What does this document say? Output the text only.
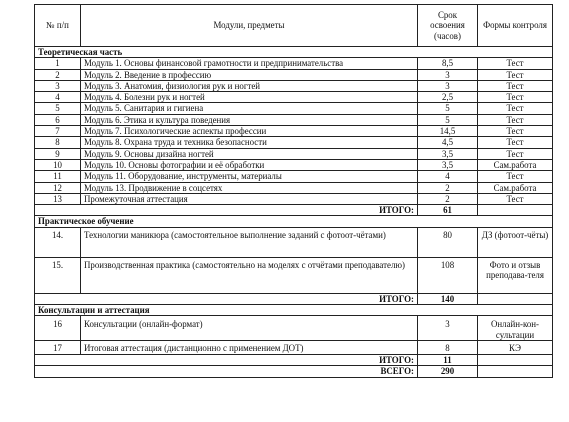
№ п/п	Модули, предметы	Срок освоения (часов)	Формы контроля
Теоретическая часть			
1	Модуль 1. Основы финансовой грамотности и предпринимательства	8,5	Тест
2	Модуль 2. Введение в профессию	3	Тест
3	Модуль 3. Анатомия, физиология рук и ногтей	3	Тест
4	Модуль 4. Болезни рук и ногтей	2,5	Тест
5	Модуль 5. Санитария и гигиена	5	Тест
6	Модуль 6. Этика и культура поведения	5	Тест
7	Модуль 7. Психологические аспекты профессии	14,5	Тест
8	Модуль 8. Охрана труда и техника безопасности	4,5	Тест
9	Модуль 9. Основы дизайна ногтей	3,5	Тест
10	Модуль 10. Основы фотографии и её обработки	3,5	Сам.работа
11	Модуль 11. Оборудование, инструменты, материалы	4	Тест
12	Модуль 13. Продвижение в соцсетях	2	Сам.работа
13	Промежуточная аттестация	2	Тест
ИТОГО:		61	
Практическое обучение			
14.	Технологии маникюра (самостоятельное выполнение заданий с фотоот-чётами)	80	ДЗ (фотоот-чёты)
15.	Производственная практика (самостоятельно на моделях с отчётами преподавателю)	108	Фото и отзыв преподава-теля
ИТОГО:		140	
Консультации и аттестация			
16	Консультации (онлайн-формат)	3	Онлайн-кон-сультации
17	Итоговая аттестация (дистанционно с применением ДОТ)	8	КЭ
ИТОГО:		11	
ВСЕГО:		290	
